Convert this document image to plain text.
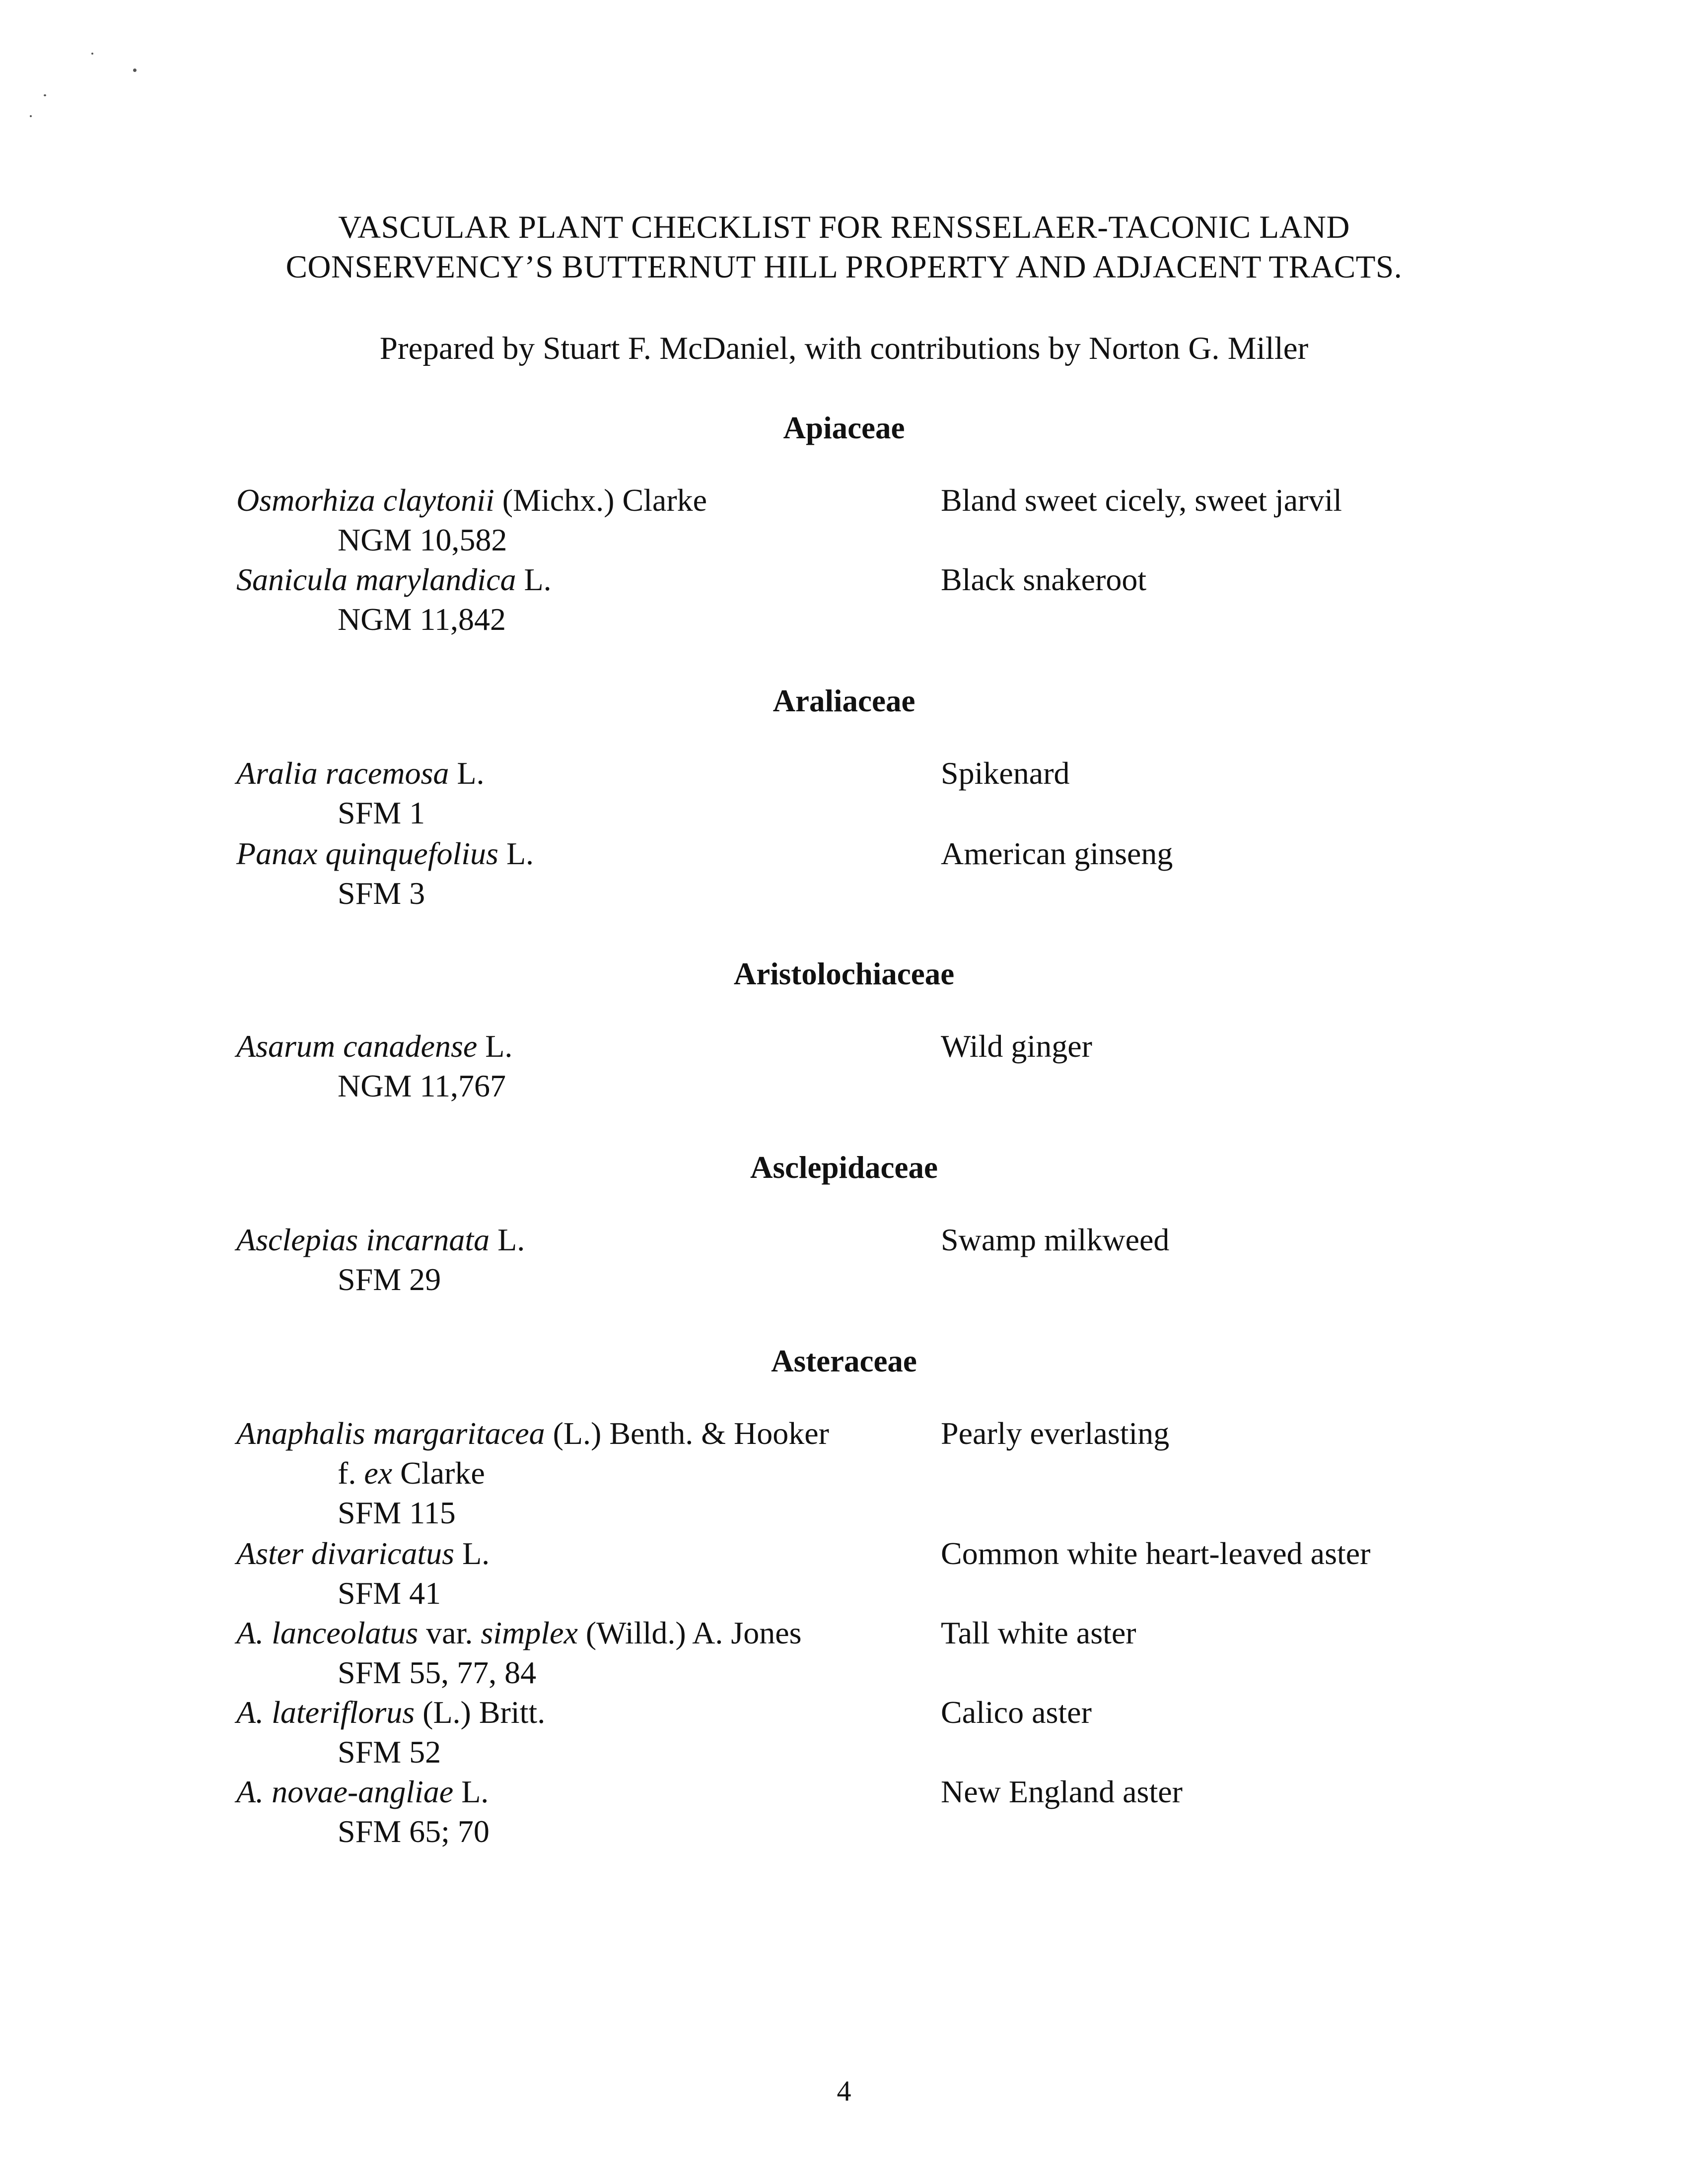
VASCULAR PLANT CHECKLIST FOR RENSSELAER-TACONIC LAND
CONSERVENCY’S BUTTERNUT HILL PROPERTY AND ADJACENT TRACTS.
Prepared by Stuart F. McDaniel, with contributions by Norton G. Miller
Apiaceae
Osmorhiza claytonii (Michx.) Clarke	Bland sweet cicely, sweet jarvil
NGM 10,582
Sanicula marylandica L.	Black snakeroot
NGM 11,842
Araliaceae
Aralia racemosa L.	Spikenard
SFM 1
Panax quinquefolius L.	American ginseng
SFM 3
Aristolochiaceae
Asarum canadense L.	Wild ginger
NGM 11,767
Asclepidaceae
Asclepias incarnata L.	Swamp milkweed
SFM 29
Asteraceae
Anaphalis margaritacea (L.) Benth. & Hooker	Pearly everlasting
f. ex Clarke
SFM 115
Aster divaricatus L.	Common white heart-leaved aster
SFM 41
A. lanceolatus var. simplex (Willd.) A. Jones	Tall white aster
SFM 55, 77, 84
A. lateriflorus (L.) Britt.	Calico aster
SFM 52
A. novae-angliae L.	New England aster
SFM 65; 70
4
